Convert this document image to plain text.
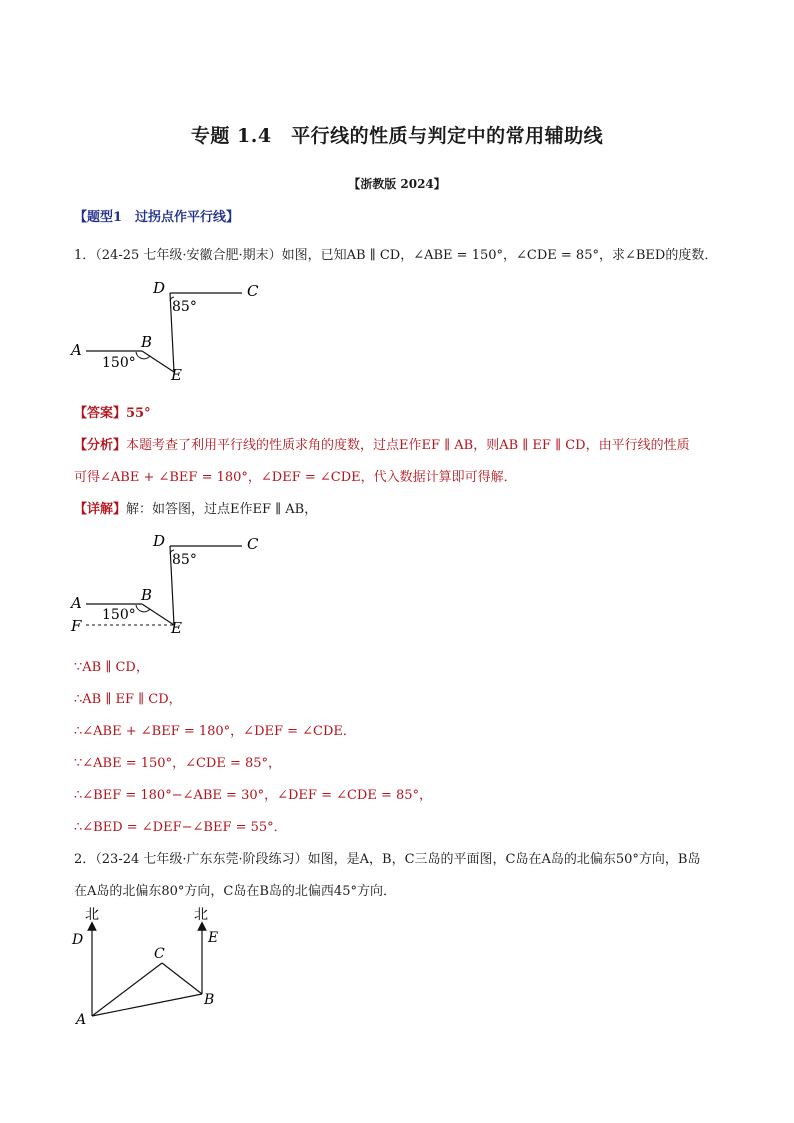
专题 1.4　平行线的性质与判定中的常用辅助线
【浙教版 2024】
【题型1　过拐点作平行线】
1．（24-25 七年级·安徽合肥·期末）如图，已知AB ∥ CD，∠ABE = 150°，∠CDE = 85°，求∠BED的度数．
D	C
85°
A	B
150°
E
【答案】55°
【分析】本题考查了利用平行线的性质求角的度数，过点E作EF ∥ AB，则AB ∥ EF ∥ CD，由平行线的性质
可得∠ABE + ∠BEF = 180°，∠DEF = ∠CDE，代入数据计算即可得解．
【详解】解：如答图，过点E作EF ∥ AB，
D	C
85°
A	B
150°
F	E
∵AB ∥ CD，
∴AB ∥ EF ∥ CD，
∴∠ABE + ∠BEF = 180°，∠DEF = ∠CDE．
∵∠ABE = 150°，∠CDE = 85°，
∴∠BEF = 180°−∠ABE = 30°，∠DEF = ∠CDE = 85°，
∴∠BED = ∠DEF−∠BEF = 55°．
2．（23-24 七年级·广东东莞·阶段练习）如图，是A，B，C三岛的平面图，C岛在A岛的北偏东50°方向，B岛
在A岛的北偏东80°方向，C岛在B岛的北偏西45°方向．
北	北
D	E
C
B
A
